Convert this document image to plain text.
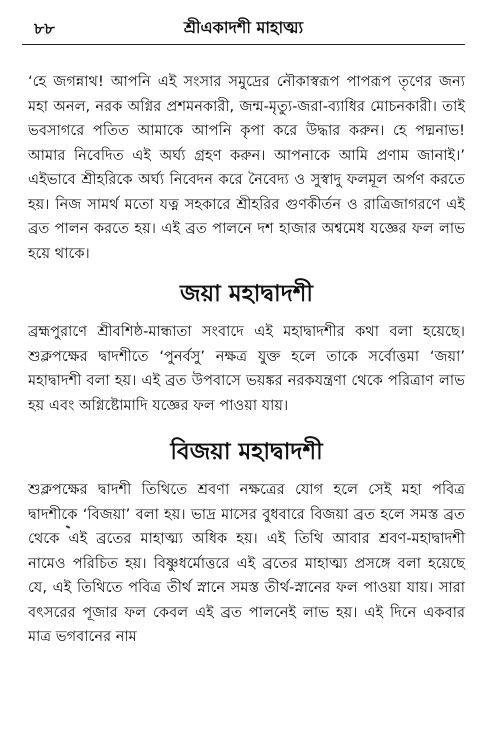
৮৮	শ্রীএকাদশী মাহাত্ম্য

‘হে জগন্নাথ! আপনি এই সংসার সমুদ্রের নৌকাস্বরূপ পাপরূপ তৃণের জন্য মহা অনল, নরক অগ্নির প্রশমনকারী, জন্ম-মৃত্যু-জরা-ব্যাধির মোচনকারী। তাই ভবসাগরে পতিত আমাকে আপনি কৃপা করে উদ্ধার করুন। হে পদ্মনাভ! আমার নিবেদিত এই অর্ঘ্য গ্রহণ করুন। আপনাকে আমি প্রণাম জানাই।’ এইভাবে শ্রীহরিকে অর্ঘ্য নিবেদন করে নৈবেদ্য ও সুস্বাদু ফলমূল অর্পণ করতে হয়। নিজ সামর্থ মতো যত্ন সহকারে শ্রীহরির গুণকীর্তন ও রাত্রিজাগরণে এই ব্রত পালন করতে হয়। এই ব্রত পালনে দশ হাজার অশ্বমেধ যজ্ঞের ফল লাভ হয়ে থাকে।

জয়া মহাদ্বাদশী

ব্রহ্মপুরাণে শ্রীবশিষ্ঠ-মান্ধাতা সংবাদে এই মহাদ্বাদশীর কথা বলা হয়েছে। শুক্লপক্ষের দ্বাদশীতে ‘পুনর্বসু’ নক্ষত্র যুক্ত হলে তাকে সর্বোত্তমা ‘জয়া’ মহাদ্বাদশী বলা হয়। এই ব্রত উপবাসে ভয়ঙ্কর নরকযন্ত্রণা থেকে পরিত্রাণ লাভ হয় এবং অগ্নিষ্টোমাদি যজ্ঞের ফল পাওয়া যায়।

বিজয়া মহাদ্বাদশী

শুক্লপক্ষের দ্বাদশী তিথিতে শ্রবণা নক্ষত্রের যোগ হলে সেই মহা পবিত্র দ্বাদশীকে ‘বিজয়া’ বলা হয়। ভাদ্র মাসের বুধবারে বিজয়া ব্রত হলে সমস্ত ব্রত থেকে এই ব্রতের মাহাত্ম্য অধিক হয়। এই তিথি আবার শ্রবণ-মহাদ্বাদশী নামেও পরিচিত হয়। বিষ্ণুধর্মোত্তরে এই ব্রতের মাহাত্ম্য প্রসঙ্গে বলা হয়েছে যে, এই তিথিতে পবিত্র তীর্থ স্নানে সমস্ত তীর্থ-স্নানের ফল পাওয়া যায়। সারা বৎসরের পূজার ফল কেবল এই ব্রত পালনেই লাভ হয়। এই দিনে একবার মাত্র ভগবানের নাম
